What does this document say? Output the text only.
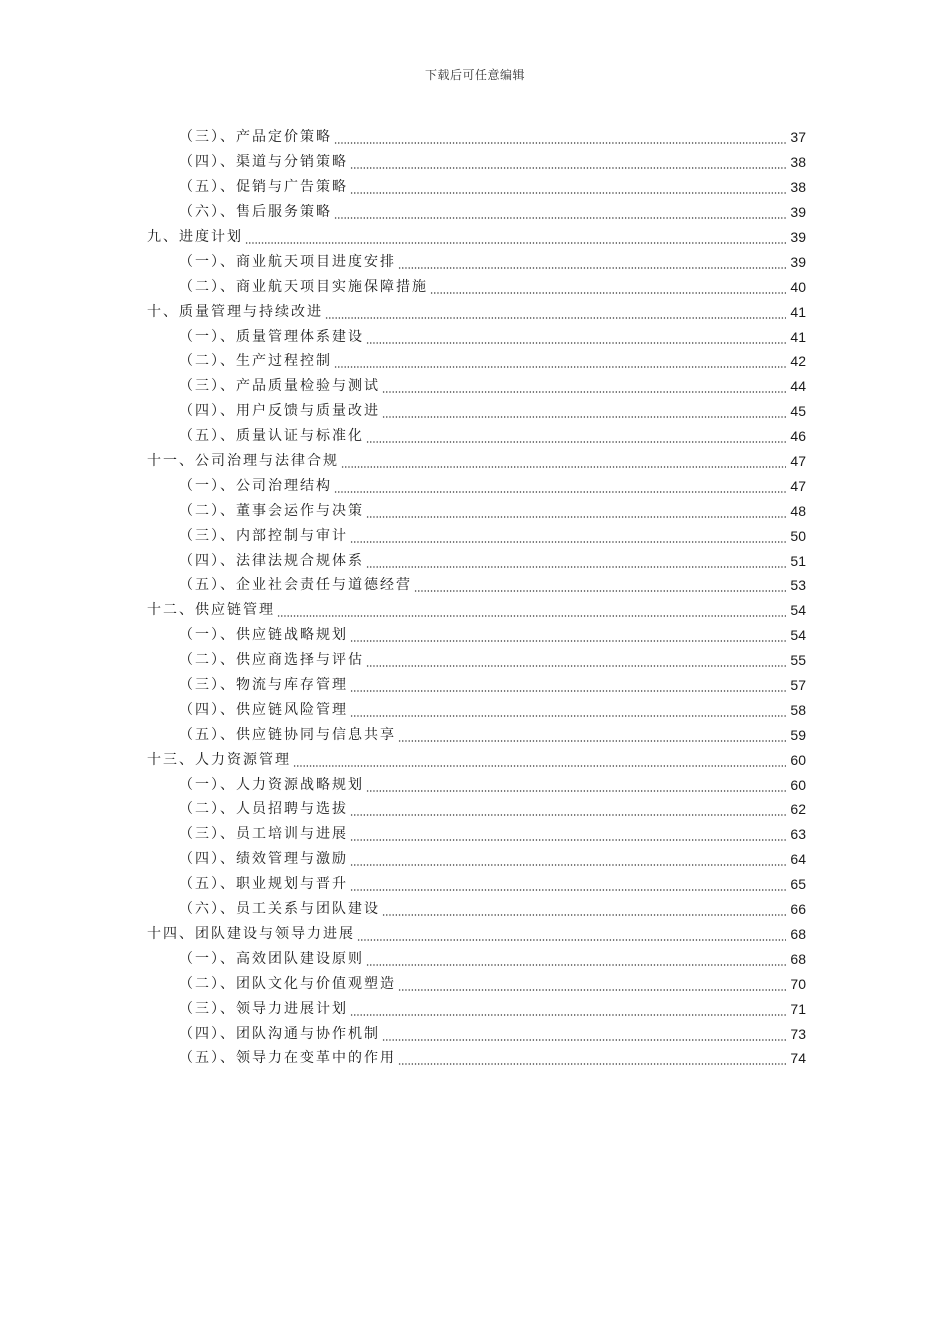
下载后可任意编辑
（三）、产品定价策略	37
（四）、渠道与分销策略	38
（五）、促销与广告策略	38
（六）、售后服务策略	39
九、进度计划	39
（一）、商业航天项目进度安排	39
（二）、商业航天项目实施保障措施	40
十、质量管理与持续改进	41
（一）、质量管理体系建设	41
（二）、生产过程控制	42
（三）、产品质量检验与测试	44
（四）、用户反馈与质量改进	45
（五）、质量认证与标准化	46
十一、公司治理与法律合规	47
（一）、公司治理结构	47
（二）、董事会运作与决策	48
（三）、内部控制与审计	50
（四）、法律法规合规体系	51
（五）、企业社会责任与道德经营	53
十二、供应链管理	54
（一）、供应链战略规划	54
（二）、供应商选择与评估	55
（三）、物流与库存管理	57
（四）、供应链风险管理	58
（五）、供应链协同与信息共享	59
十三、人力资源管理	60
（一）、人力资源战略规划	60
（二）、人员招聘与选拔	62
（三）、员工培训与进展	63
（四）、绩效管理与激励	64
（五）、职业规划与晋升	65
（六）、员工关系与团队建设	66
十四、团队建设与领导力进展	68
（一）、高效团队建设原则	68
（二）、团队文化与价值观塑造	70
（三）、领导力进展计划	71
（四）、团队沟通与协作机制	73
（五）、领导力在变革中的作用	74
